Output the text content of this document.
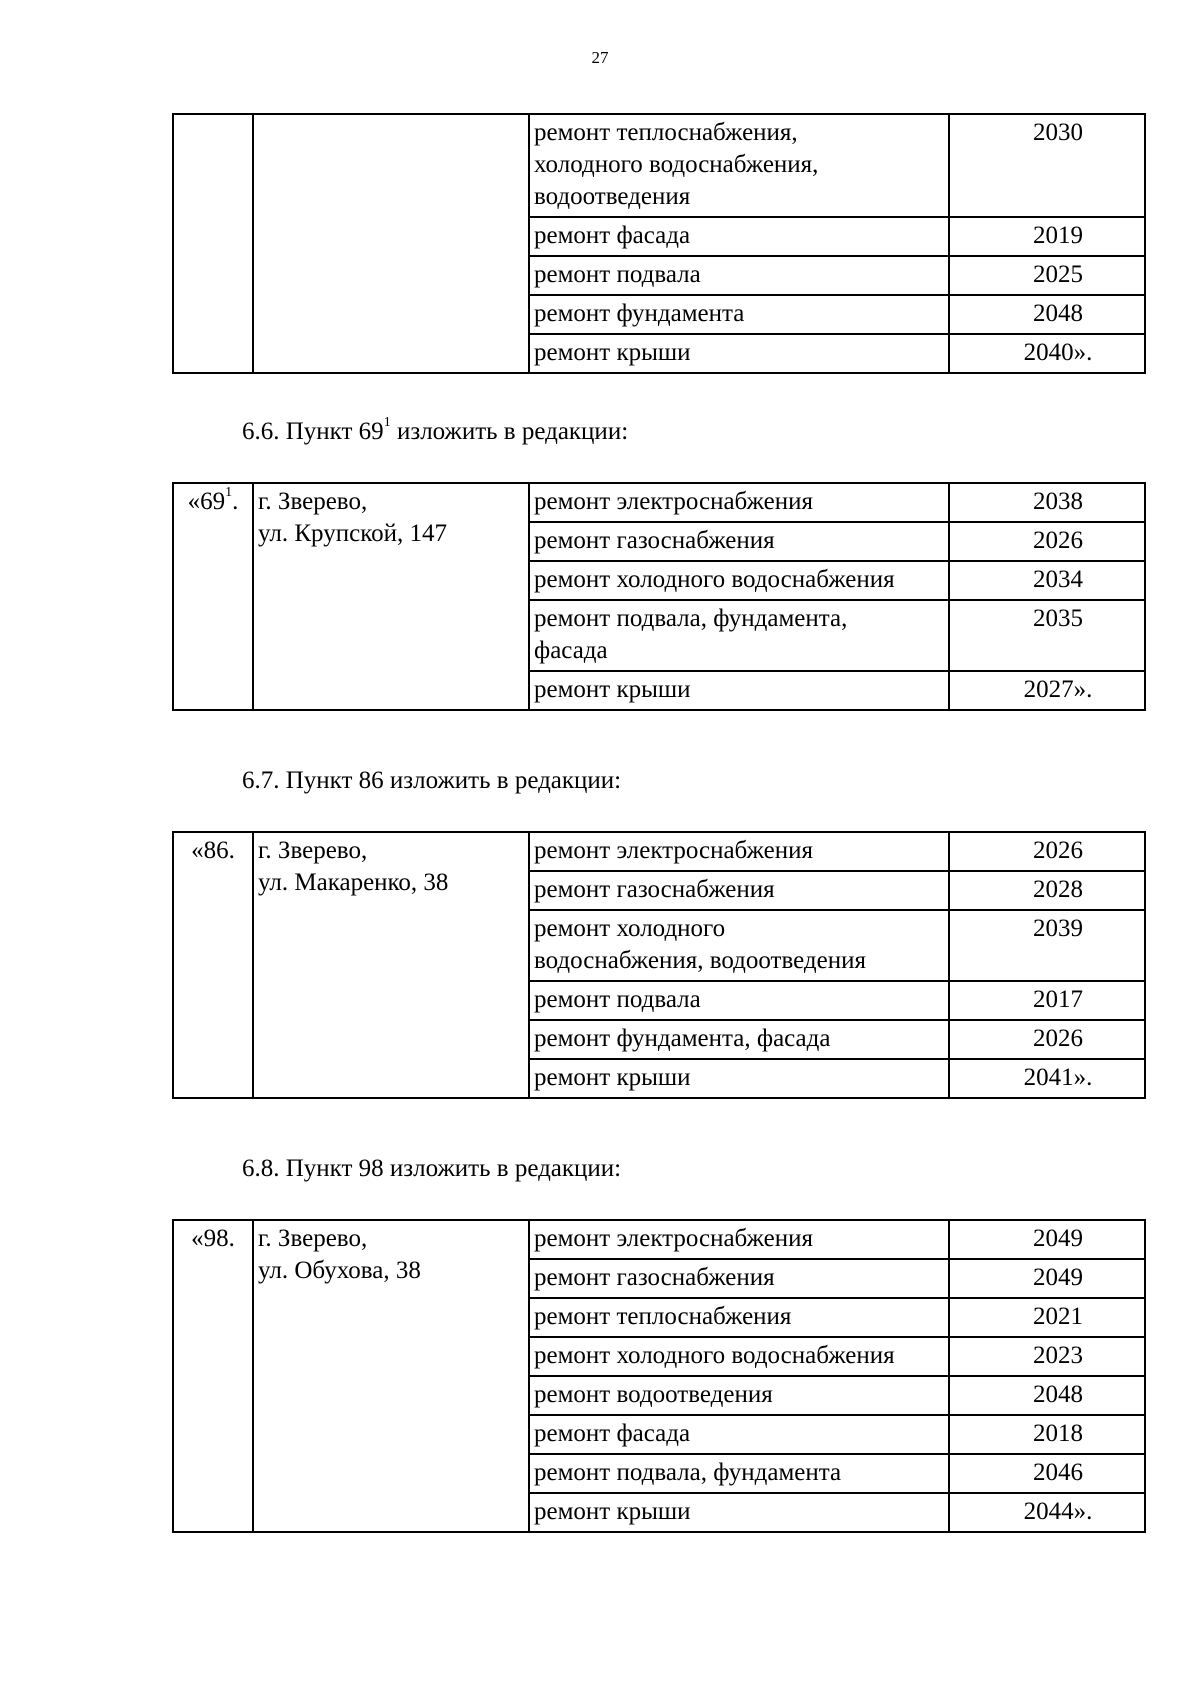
27
		ремонт теплоснабжения,
холодного водоснабжения,
водоотведения	2030
		ремонт фасада	2019
		ремонт подвала	2025
		ремонт фундамента	2048
		ремонт крыши	2040».
6.6. Пункт $69^1$ изложить в редакции:
«$69^1$.	г. Зверево,
ул. Крупской, 147	ремонт электроснабжения	2038
		ремонт газоснабжения	2026
		ремонт холодного водоснабжения	2034
		ремонт подвала, фундамента,
фасада	2035
		ремонт крыши	2027».
6.7. Пункт 86 изложить в редакции:
«86.	г. Зверево,
ул. Макаренко, 38	ремонт электроснабжения	2026
		ремонт газоснабжения	2028
		ремонт холодного
водоснабжения, водоотведения	2039
		ремонт подвала	2017
		ремонт фундамента, фасада	2026
		ремонт крыши	2041».
6.8. Пункт 98 изложить в редакции:
«98.	г. Зверево,
ул. Обухова, 38	ремонт электроснабжения	2049
		ремонт газоснабжения	2049
		ремонт теплоснабжения	2021
		ремонт холодного водоснабжения	2023
		ремонт водоотведения	2048
		ремонт фасада	2018
		ремонт подвала, фундамента	2046
		ремонт крыши	2044».
